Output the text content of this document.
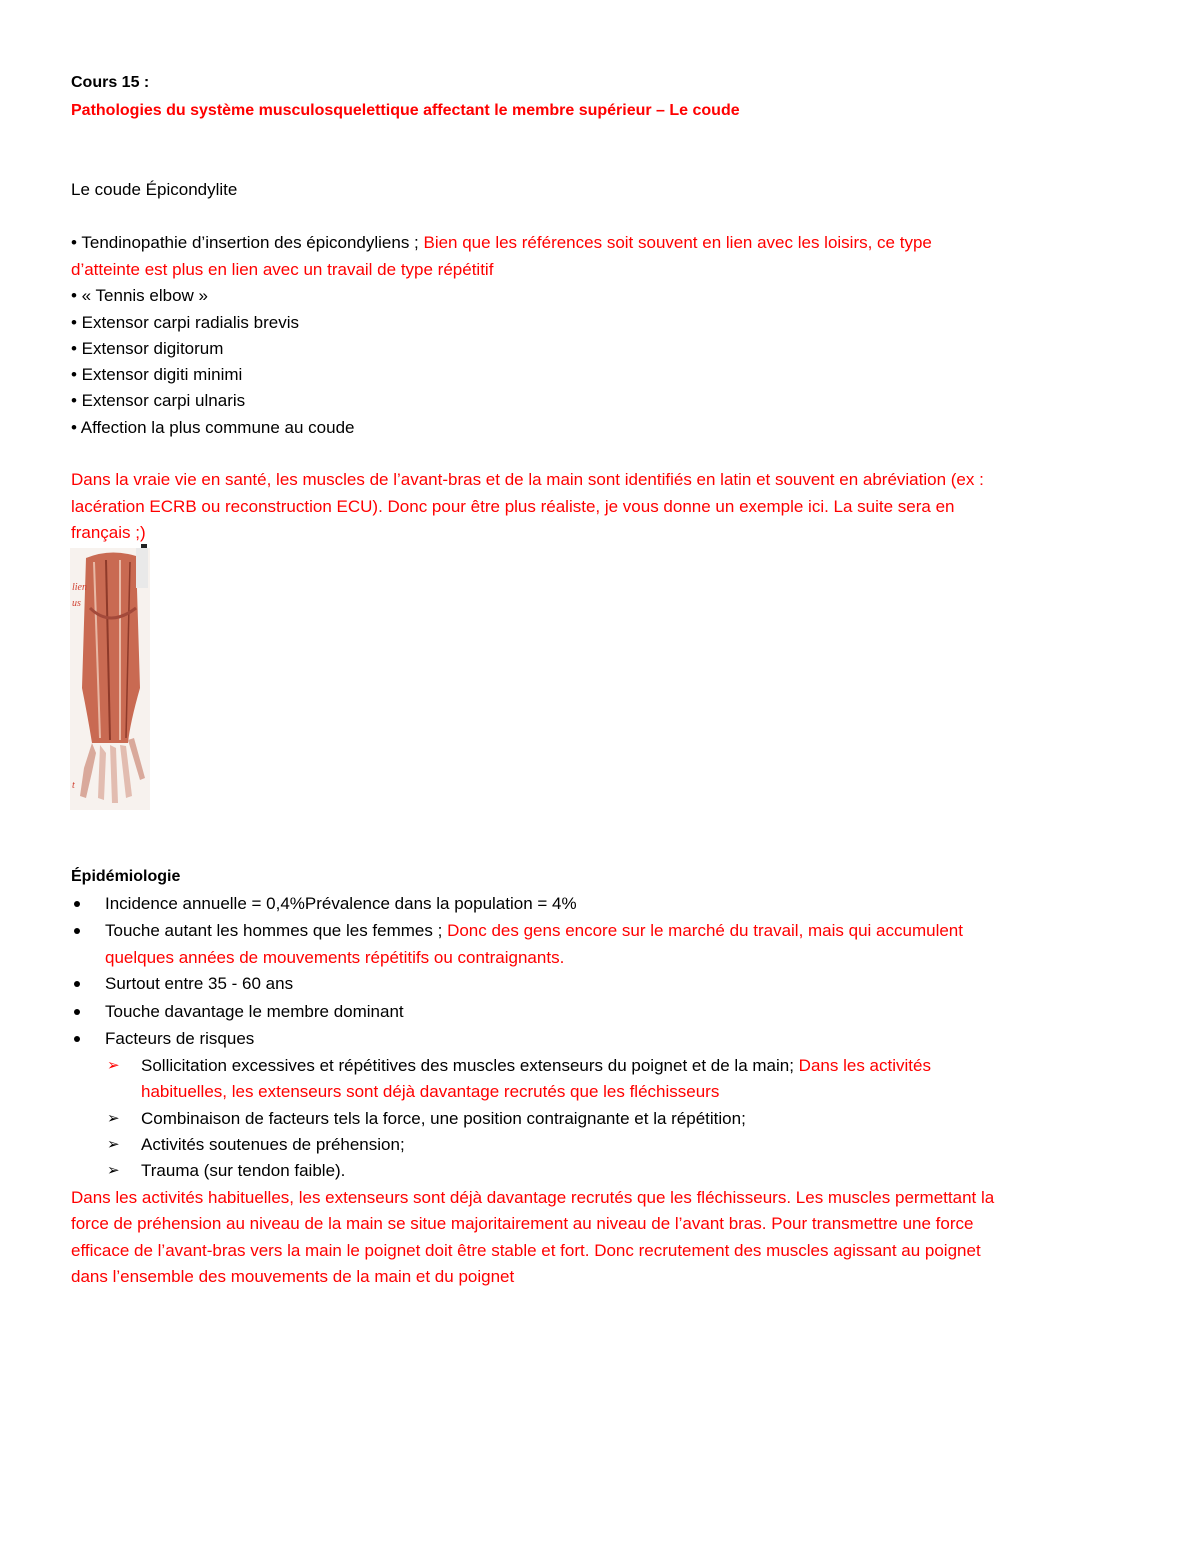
Cours 15 :
Pathologies du système musculosquelettique affectant le membre supérieur – Le coude
Le coude Épicondylite
• Tendinopathie d’insertion des épicondyliens ; Bien que les références soit souvent en lien avec les loisirs, ce type
d’atteinte est plus en lien avec un travail de type répétitif
• « Tennis elbow »
• Extensor carpi radialis brevis
• Extensor digitorum
• Extensor digiti minimi
• Extensor carpi ulnaris
• Affection la plus commune au coude
Dans la vraie vie en santé, les muscles de l’avant-bras et de la main sont identifiés en latin et souvent en abréviation (ex :
lacération ECRB ou reconstruction ECU). Donc pour être plus réaliste, je vous donne un exemple ici. La suite sera en
français ;)
lien
us
t
Épidémiologie
Incidence annuelle = 0,4%Prévalence dans la population = 4%
Touche autant les hommes que les femmes ; Donc des gens encore sur le marché du travail, mais qui accumulent
quelques années de mouvements répétitifs ou contraignants.
Surtout entre 35 - 60 ans
Touche davantage le membre dominant
Facteurs de risques
➢ Sollicitation excessives et répétitives des muscles extenseurs du poignet et de la main; Dans les activités
habituelles, les extenseurs sont déjà davantage recrutés que les fléchisseurs
➢ Combinaison de facteurs tels la force, une position contraignante et la répétition;
➢ Activités soutenues de préhension;
➢ Trauma (sur tendon faible).
Dans les activités habituelles, les extenseurs sont déjà davantage recrutés que les fléchisseurs. Les muscles permettant la
force de préhension au niveau de la main se situe majoritairement au niveau de l’avant bras. Pour transmettre une force
efficace de l’avant-bras vers la main le poignet doit être stable et fort. Donc recrutement des muscles agissant au poignet
dans l’ensemble des mouvements de la main et du poignet
